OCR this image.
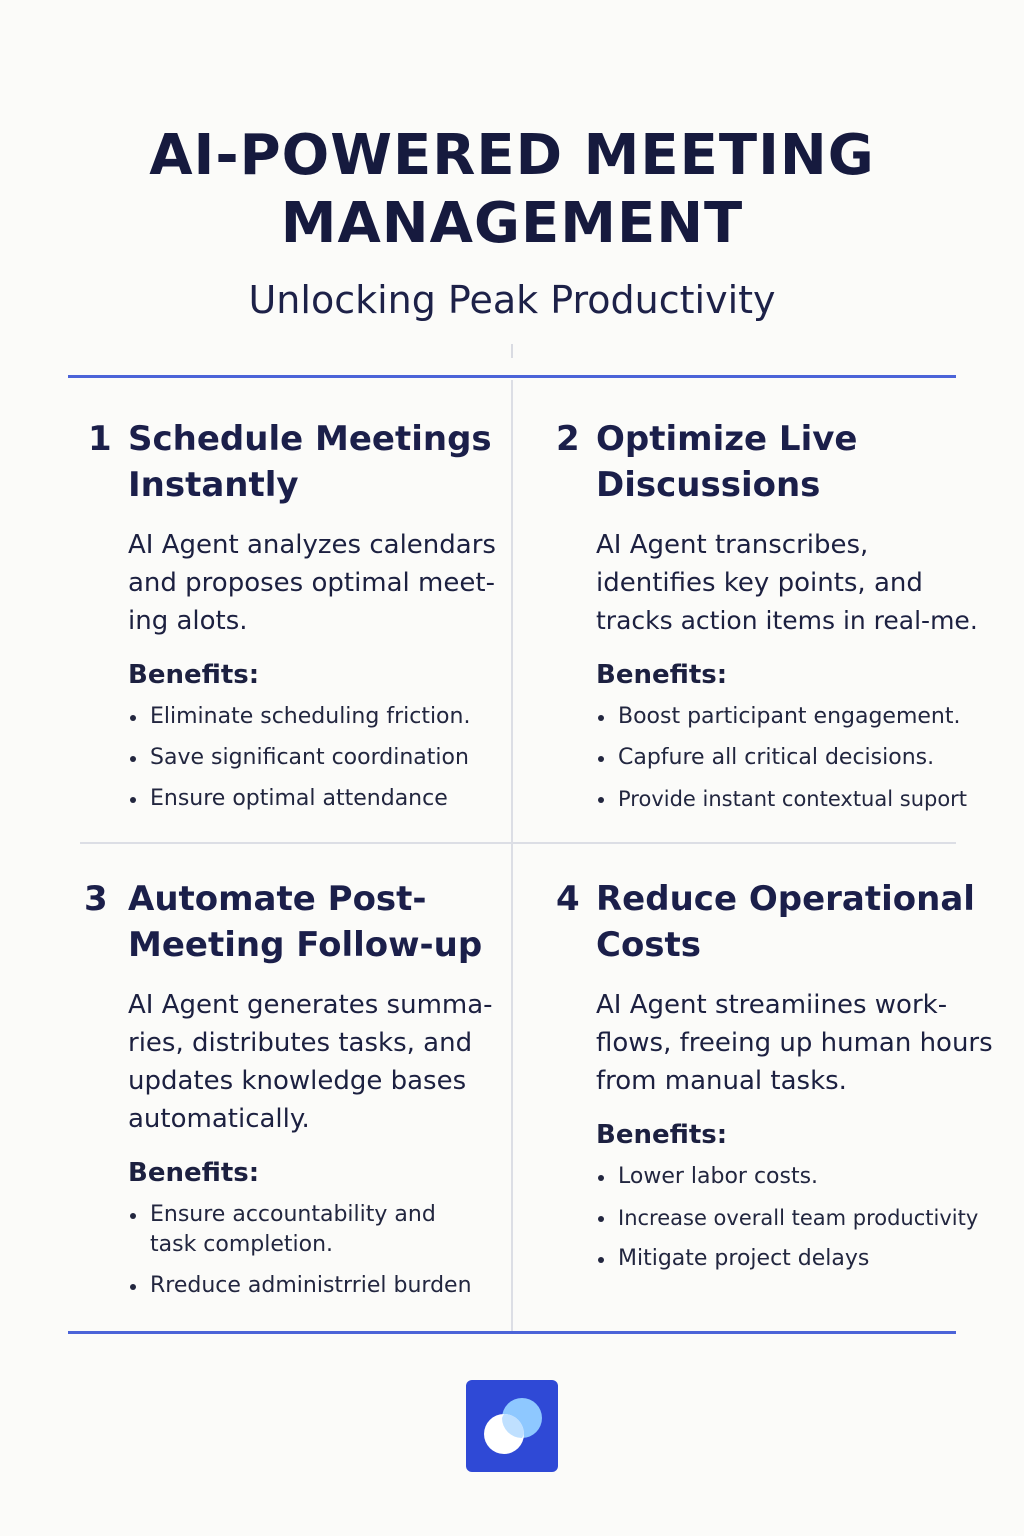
AI-POWERED MEETING
MANAGEMENT

Unlocking Peak Productivity

1 Schedule Meetings
Instantly
AI Agent analyzes calendars
and proposes optimal meet-
ing alots.
Benefits:
Eliminate scheduling friction.
Save significant coordination
Ensure optimal attendance
2 Optimize Live
Discussions
AI Agent transcribes,
identifies key points, and
tracks action items in real-me.
Benefits:
Boost participant engagement.
Capfure all critical decisions.
Provide instant contextual suport
3 Automate Post-
Meeting Follow-up
AI Agent generates summa-
ries, distributes tasks, and
updates knowledge bases
automatically.
Benefits:
Ensure accountability and
task completion.
Rreduce administrriel burden
4 Reduce Operational
Costs
AI Agent streamiines work-
flows, freeing up human hours
from manual tasks.
Benefits:
Lower labor costs.
Increase overall team productivity
Mitigate project delays
